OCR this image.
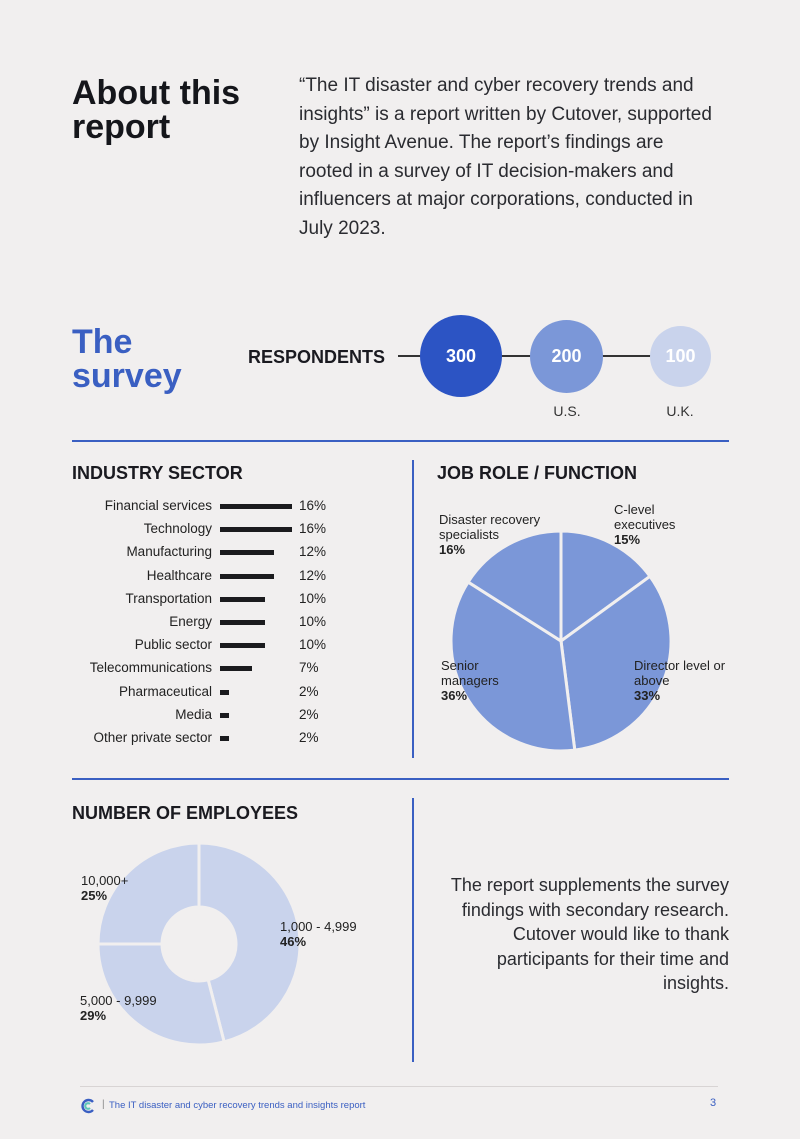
About this report

“The IT disaster and cyber recovery trends and insights” is a report written by Cutover, supported by Insight Avenue. The report’s findings are rooted in a survey of IT decision-makers and influencers at major corporations, conducted in July 2023.

The survey	RESPONDENTS	300	200	100
U.S.	U.K.
INDUSTRY SECTOR
Financial services	16%
Technology	16%
Manufacturing	12%
Healthcare	12%
Transportation	10%
Energy	10%
Public sector	10%
Telecommunications	7%
Pharmaceutical	2%
Media	2%
Other private sector	2%
JOB ROLE / FUNCTION
C-level executives
15%
Director level or above
33%
Senior managers
36%
Disaster recovery specialists
16%
NUMBER OF EMPLOYEES
1,000 - 4,999
46%
5,000 - 9,999
29%
10,000+
25%

The report supplements the survey findings with secondary research. Cutover would like to thank participants for their time and insights.

| The IT disaster and cyber recovery trends and insights report	3
